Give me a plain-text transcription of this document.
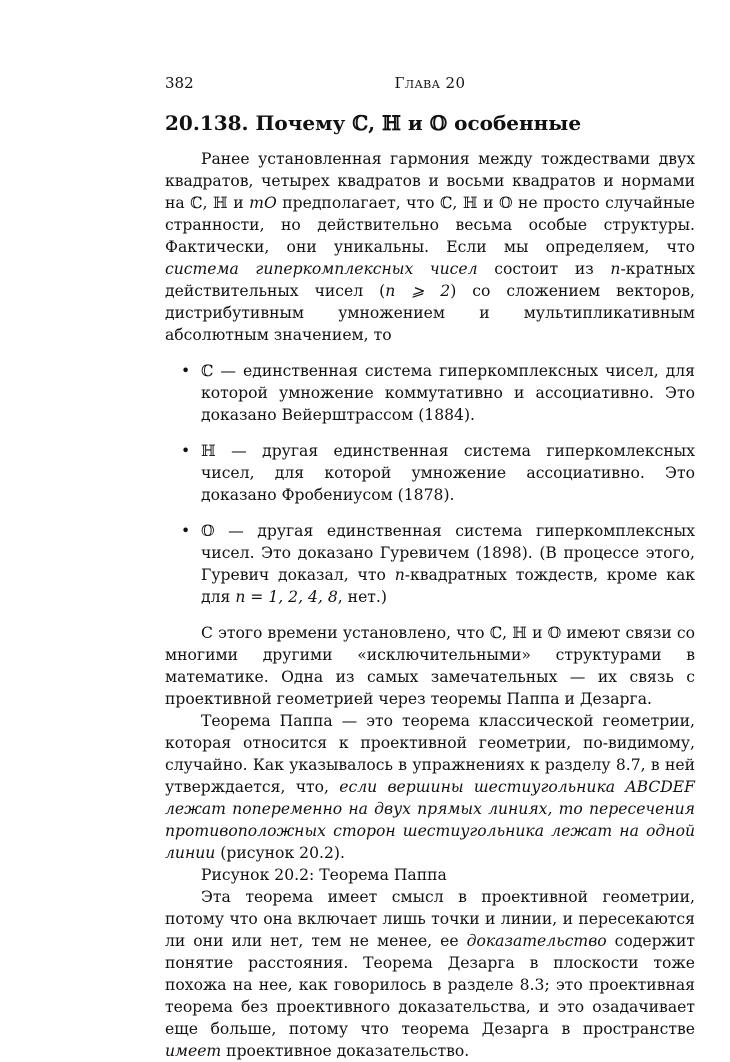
382	Глава 20
20.138. Почему ℂ, ℍ и 𝕆 особенные

Ранее установленная гармония между тождествами двух квадратов, четырех квадратов и восьми квадратов и нормами на ℂ, ℍ и mO предполагает, что ℂ, ℍ и 𝕆 не просто случайные странности, но действительно весьма особые структуры. Фактически, они уникальны. Если мы определяем, что система гиперкомплексных чисел состоит из n-кратных действительных чисел (n ⩾ 2) со сложением векторов, дистрибутивным умножением и мультипликативным абсолютным значением, то

• ℂ — единственная система гиперкомплексных чисел, для которой умножение коммутативно и ассоциативно. Это доказано Вейерштрассом (1884).
• ℍ — другая единственная система гиперкомлексных чисел, для которой умножение ассоциативно. Это доказано Фробениусом (1878).
• 𝕆 — другая единственная система гиперкомплексных чисел. Это доказано Гуревичем (1898). (В процессе этого, Гуревич доказал, что n-квадратных тождеств, кроме как для n = 1, 2, 4, 8, нет.)

С этого времени установлено, что ℂ, ℍ и 𝕆 имеют связи со многими другими «исключительными» структурами в математике. Одна из самых замечательных — их связь с проективной геометрией через теоремы Паппа и Дезарга.

Теорема Паппа — это теорема классической геометрии, которая относится к проективной геометрии, по-видимому, случайно. Как указывалось в упражнениях к разделу 8.7, в ней утверждается, что, если вершины шестиугольника ABCDEF лежат попеременно на двух прямых линиях, то пересечения противоположных сторон шестиугольника лежат на одной линии (рисунок 20.2).

Рисунок 20.2: Теорема Паппа

Эта теорема имеет смысл в проективной геометрии, потому что она включает лишь точки и линии, и пересекаются ли они или нет, тем не менее, ее доказательство содержит понятие расстояния. Теорема Дезарга в плоскости тоже похожа на нее, как говорилось в разделе 8.3; это проективная теорема без проективного доказательства, и это озадачивает еще больше, потому что теорема Дезарга в пространстве имеет проективное доказательство.
